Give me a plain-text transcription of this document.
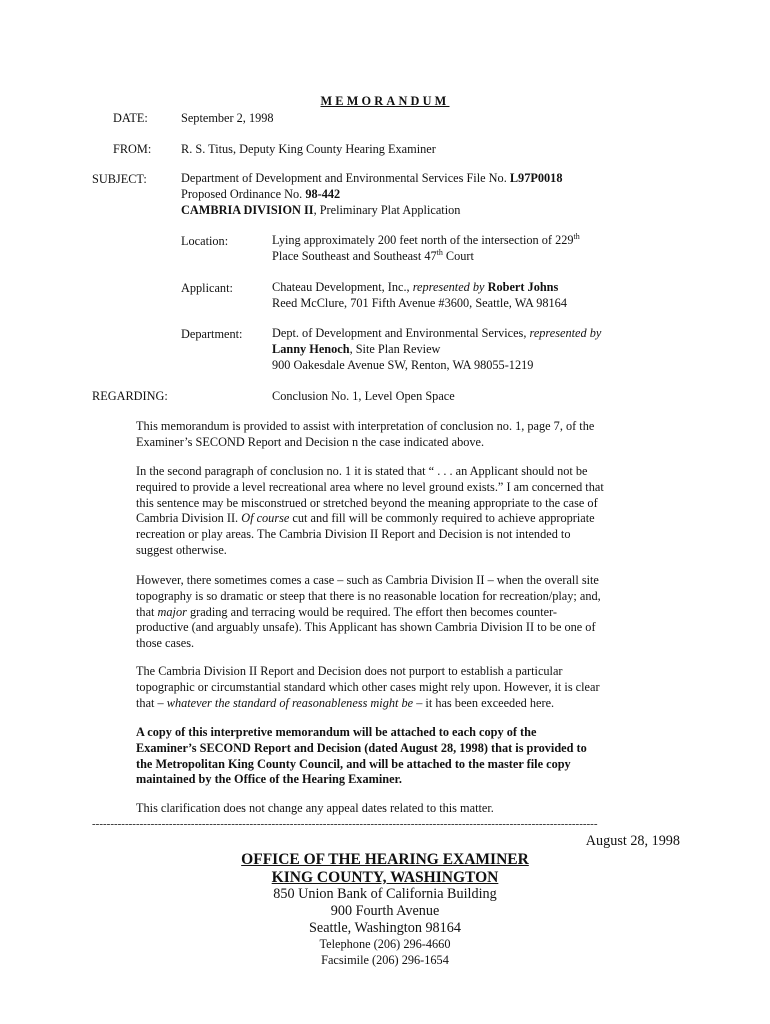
MEMORANDUM
DATE:	September 2, 1998
FROM: R. S. Titus, Deputy King County Hearing Examiner
SUBJECT:	Department of Development and Environmental Services File No. L97P0018
Proposed Ordinance No. 98-442
CAMBRIA DIVISION II, Preliminary Plat Application
Location:	Lying approximately 200 feet north of the intersection of 229th
Place Southeast and Southeast 47th Court
Applicant:	Chateau Development, Inc., represented by Robert Johns
Reed McClure, 701 Fifth Avenue #3600, Seattle, WA 98164
Department: Dept. of Development and Environmental Services, represented by
Lanny Henoch, Site Plan Review
900 Oakesdale Avenue SW, Renton, WA 98055-1219
REGARDING:	Conclusion No. 1, Level Open Space
This memorandum is provided to assist with interpretation of conclusion no. 1, page 7, of the
Examiner’s SECOND Report and Decision n the case indicated above.
In the second paragraph of conclusion no. 1 it is stated that “ . . . an Applicant should not be
required to provide a level recreational area where no level ground exists.” I am concerned that
this sentence may be misconstrued or stretched beyond the meaning appropriate to the case of
Cambria Division II. Of course cut and fill will be commonly required to achieve appropriate
recreation or play areas. The Cambria Division II Report and Decision is not intended to
suggest otherwise.
However, there sometimes comes a case – such as Cambria Division II – when the overall site
topography is so dramatic or steep that there is no reasonable location for recreation/play; and,
that major grading and terracing would be required. The effort then becomes counter-
productive (and arguably unsafe). This Applicant has shown Cambria Division II to be one of
those cases.
The Cambria Division II Report and Decision does not purport to establish a particular
topographic or circumstantial standard which other cases might rely upon. However, it is clear
that – whatever the standard of reasonableness might be – it has been exceeded here.
A copy of this interpretive memorandum will be attached to each copy of the
Examiner’s SECOND Report and Decision (dated August 28, 1998) that is provided to
the Metropolitan King County Council, and will be attached to the master file copy
maintained by the Office of the Hearing Examiner.
This clarification does not change any appeal dates related to this matter.
------------------------------------------------------------------------------------------------------------------------------------------
August 28, 1998
OFFICE OF THE HEARING EXAMINER
KING COUNTY, WASHINGTON
850 Union Bank of California Building
900 Fourth Avenue
Seattle, Washington 98164
Telephone (206) 296-4660
Facsimile (206) 296-1654
